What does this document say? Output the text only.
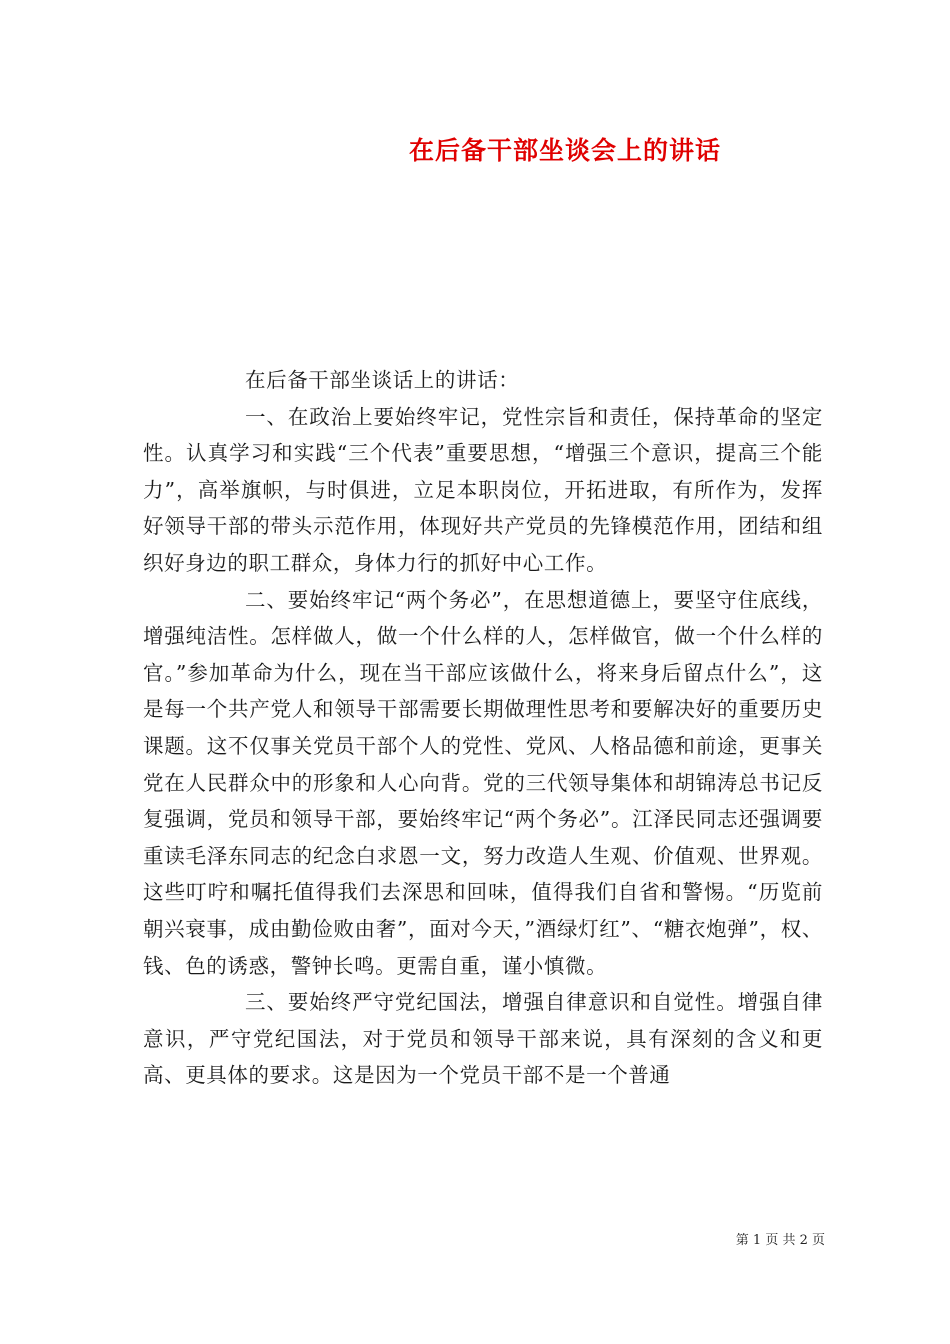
在后备干部坐谈会上的讲话

在后备干部坐谈话上的讲话：

一、在政治上要始终牢记，党性宗旨和责任，保持革命的坚定性。认真学习和实践“三个代表”重要思想，“增强三个意识，提高三个能力”，高举旗帜，与时俱进，立足本职岗位，开拓进取，有所作为，发挥好领导干部的带头示范作用，体现好共产党员的先锋模范作用，团结和组织好身边的职工群众，身体力行的抓好中心工作。

二、要始终牢记“两个务必”，在思想道德上，要坚守住底线，增强纯洁性。怎样做人，做一个什么样的人，怎样做官，做一个什么样的官。”参加革命为什么，现在当干部应该做什么，将来身后留点什么”，这是每一个共产党人和领导干部需要长期做理性思考和要解决好的重要历史课题。这不仅事关党员干部个人的党性、党风、人格品德和前途，更事关党在人民群众中的形象和人心向背。党的三代领导集体和胡锦涛总书记反复强调，党员和领导干部，要始终牢记“两个务必”。江泽民同志还强调要重读毛泽东同志的纪念白求恩一文，努力改造人生观、价值观、世界观。这些叮咛和嘱托值得我们去深思和回味，值得我们自省和警惕。“历览前朝兴衰事，成由勤俭败由奢”，面对今天，”酒绿灯红”、“糖衣炮弹”，权、钱、色的诱惑，警钟长鸣。更需自重，谨小慎微。

三、要始终严守党纪国法，增强自律意识和自觉性。增强自律意识，严守党纪国法，对于党员和领导干部来说，具有深刻的含义和更高、更具体的要求。这是因为一个党员干部不是一个普通

第 1 页 共 2 页
